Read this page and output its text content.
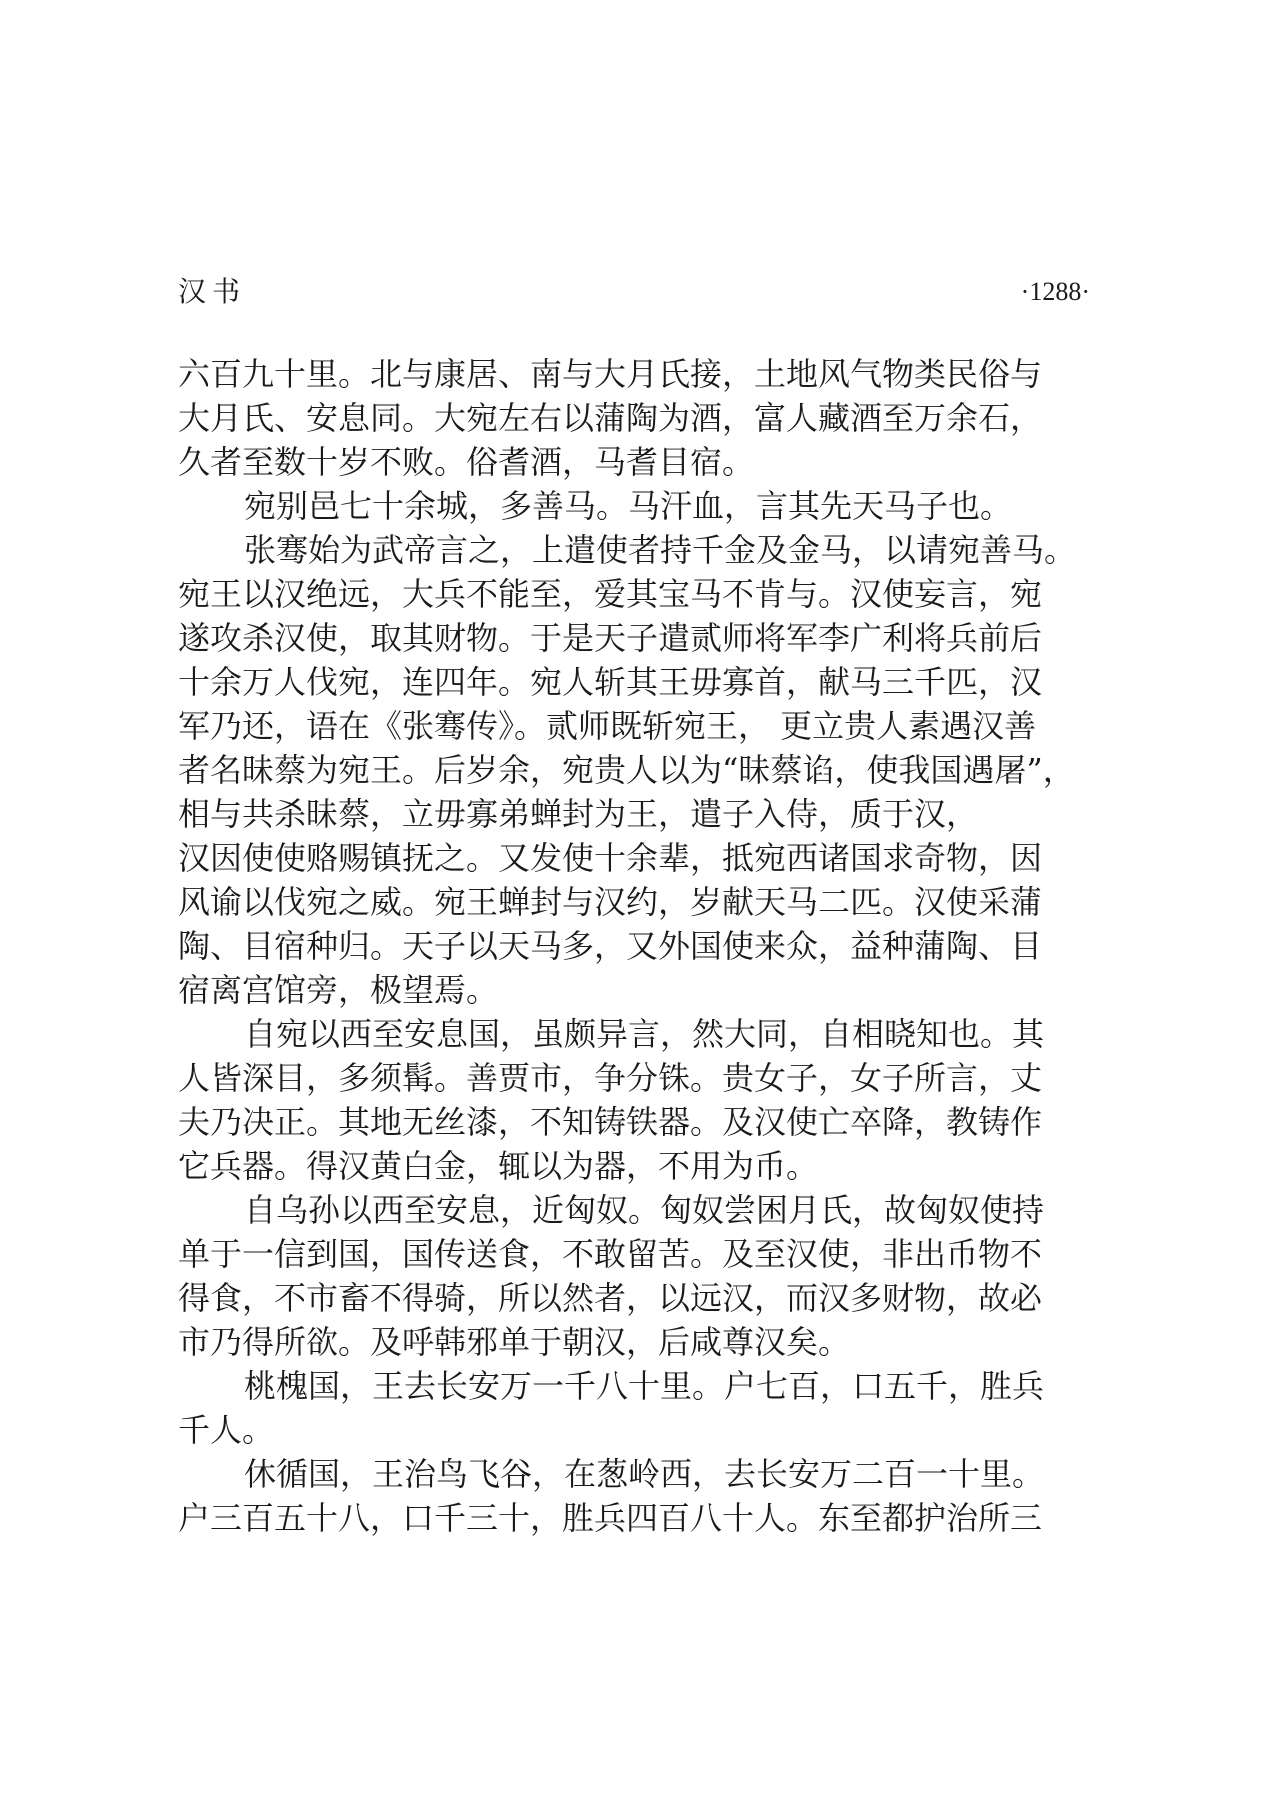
汉书	·1288·
六百九十里。北与康居、南与大月氏接，土地风气物类民俗与
大月氏、安息同。大宛左右以蒲陶为酒，富人藏酒至万余石，
久者至数十岁不败。俗耆酒，马耆目宿。
宛别邑七十余城，多善马。马汗血，言其先天马子也。
张骞始为武帝言之，上遣使者持千金及金马，以请宛善马。
宛王以汉绝远，大兵不能至，爱其宝马不肯与。汉使妄言，宛
遂攻杀汉使，取其财物。于是天子遣贰师将军李广利将兵前后
十余万人伐宛，连四年。宛人斩其王毋寡首，献马三千匹，汉
军乃还，语在《张骞传》。贰师既斩宛王， 更立贵人素遇汉善
者名昧蔡为宛王。后岁余，宛贵人以为“昧蔡谄，使我国遇屠”，
相与共杀昧蔡，立毋寡弟蝉封为王，遣子入侍，质于汉，
汉因使使赂赐镇抚之。又发使十余辈，抵宛西诸国求奇物，因
风谕以伐宛之威。宛王蝉封与汉约，岁献天马二匹。汉使采蒲
陶、目宿种归。天子以天马多，又外国使来众，益种蒲陶、目
宿离宫馆旁，极望焉。
自宛以西至安息国，虽颇异言，然大同，自相晓知也。其
人皆深目，多须髯。善贾市，争分铢。贵女子，女子所言，丈
夫乃决正。其地无丝漆，不知铸铁器。及汉使亡卒降，教铸作
它兵器。得汉黄白金，辄以为器，不用为币。
自乌孙以西至安息，近匈奴。匈奴尝困月氏，故匈奴使持
单于一信到国，国传送食，不敢留苦。及至汉使，非出币物不
得食，不市畜不得骑，所以然者，以远汉，而汉多财物，故必
市乃得所欲。及呼韩邪单于朝汉，后咸尊汉矣。
桃槐国，王去长安万一千八十里。户七百，口五千，胜兵
千人。
休循国，王治鸟飞谷，在葱岭西，去长安万二百一十里。
户三百五十八，口千三十，胜兵四百八十人。东至都护治所三
